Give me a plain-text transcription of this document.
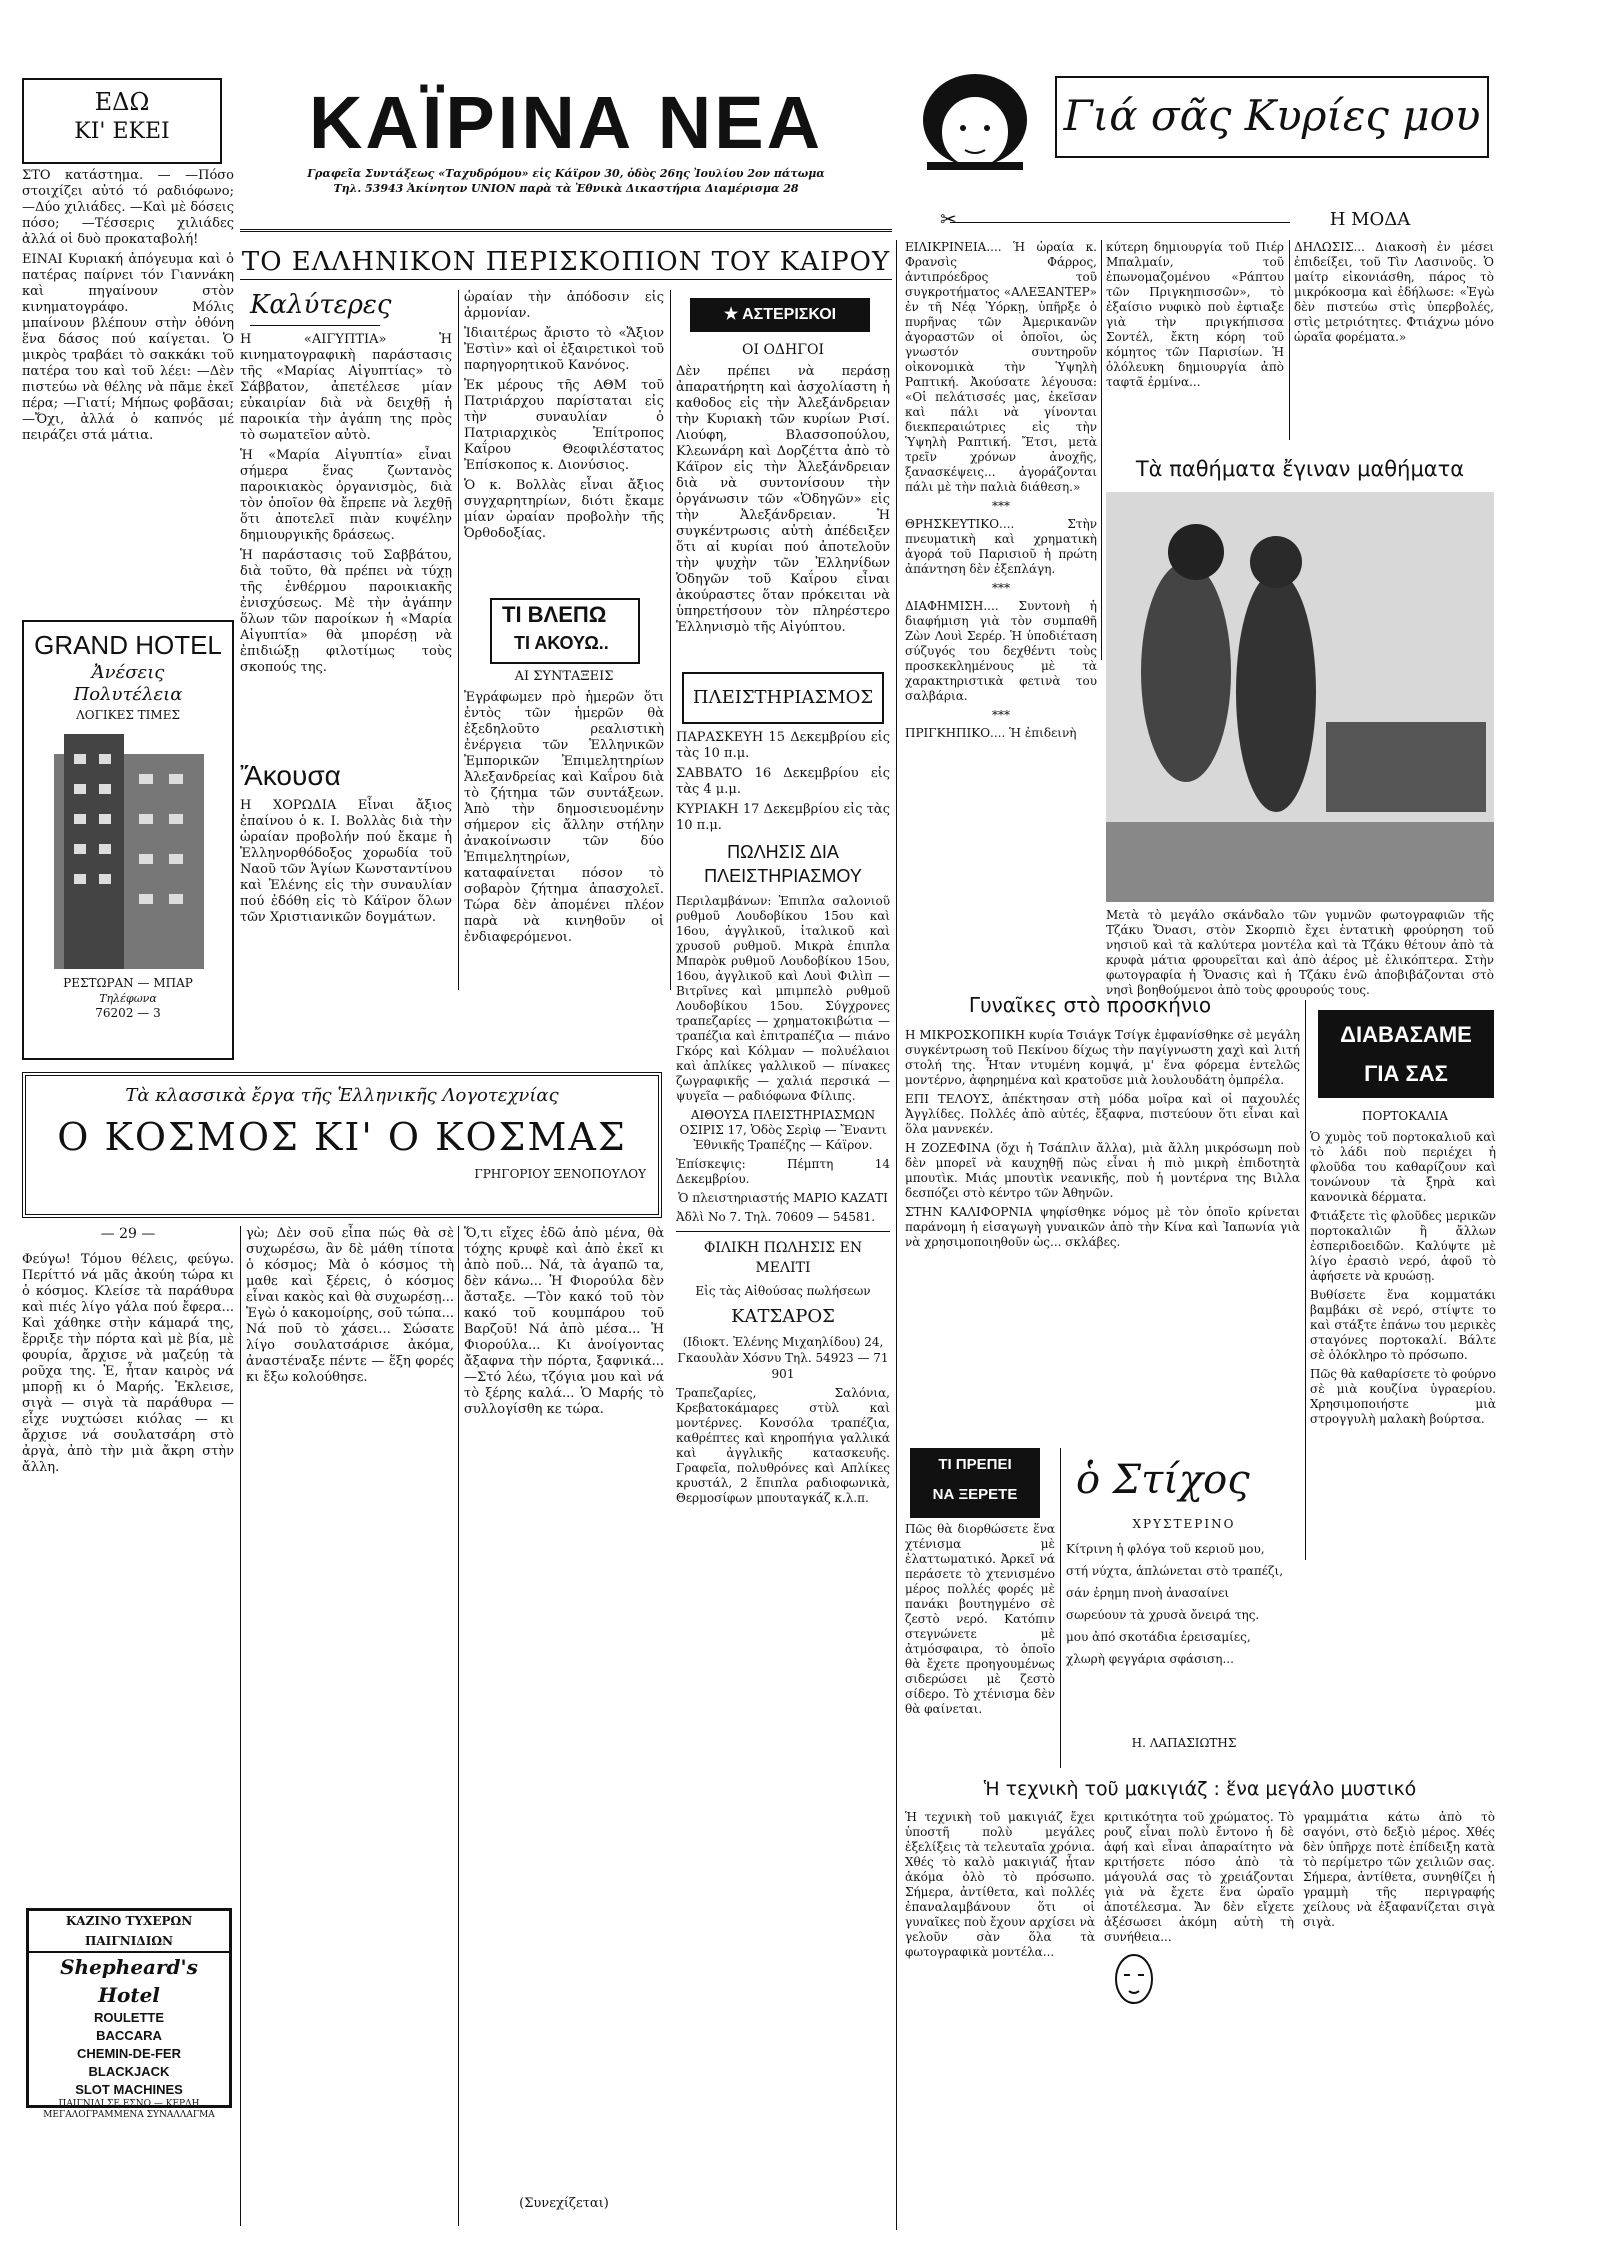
ΕΔΩ
ΚΙ' ΕΚΕΙ

ΣΤΟ κατάστημα. — —Πόσο στοιχίζει αὐτό τό ραδιόφωνο; —Δύο χιλιάδες. —Καὶ μὲ δόσεις πόσο; —Τέσσερις χιλιάδες ἀλλά οἱ δυὸ προκαταβολή!

ΕΙΝΑΙ Κυριακή ἀπόγευμα καὶ ὁ πατέρας παίρνει τόν Γιαννάκη καὶ πηγαίνουν στὸν κινηματογράφο. Μόλις μπαίνουν βλέπουν στὴν ὀθόνη ἕνα δάσος πού καίγεται. Ὁ μικρὸς τραβάει τὸ σακκάκι τοῦ πατέρα του καὶ τοῦ λέει: —Δὲν πιστεύω νὰ θέλης νὰ πᾶμε ἐκεῖ πέρα; —Γιατί; Μήπως φοβᾶσαι; —Ὄχι, ἀλλά ὁ καπνός μέ πειράζει στά μάτια.

ΚΑΪΡΙΝΑ ΝΕΑ
Γραφεῖα Συντάξεως «Ταχυδρόμου» εἰς Κάϊρον 30, ὁδὸς 26ης Ἰουλίου 2ον πάτωμα
Τηλ. 53943 Ἀκίνητον UNION παρὰ τὰ Ἐθνικὰ Δικαστήρια Διαμέρισμα 28
Γιά σᾶς Κυρίες μου
Η ΜΟΔΑ
✂

ΕΙΛΙΚΡΙΝΕΙΑ.... Ἡ ὡραία κ. Φρανσὶς Φάρρος, ἀντιπρόεδρος τοῦ συγκροτήματος «ΑΛΕΞΑΝΤΕΡ» ἐν τῆ Νέᾳ Ὑόρκῃ, ὑπῆρξε ὁ πυρῆνας τῶν Ἀμερικανῶν ἀγοραστῶν οἱ ὁποῖοι, ὡς γνωστόν συντηροῦν οἰκονομικὰ τὴν Ὑψηλὴ Ραπτική. Ἀκούσατε λέγουσα: «Οἱ πελάτισσές μας, ἐκεῖσαν καὶ πάλι νὰ γίνονται διεκπεραιώτριες εἰς τὴν Ὑψηλὴ Ραπτική. Ἔτσι, μετὰ τρεῖν χρόνων ἀνοχῆς, ξανασκέψεις... ἀγοράζονται πάλι μὲ τὴν παλιὰ διάθεση.»

***

ΘΡΗΣΚΕΥΤΙΚΟ.... Στὴν πνευματικὴ καὶ χρηματικὴ ἀγορά τοῦ Παρισιοῦ ἡ πρώτη ἀπάντηση δὲν ἐξεπλάγη.

***

ΔΙΑΦΗΜΙΣΗ.... Συντονὴ ἡ διαφήμιση γιὰ τὸν συμπαθῆ Ζὼν Λουὶ Σερέρ. Ἡ ὑποδιέταση σύζυγός του δεχθέντι τοὺς προσκεκλημένους μὲ τὰ χαρακτηριστικὰ φετινὰ του σαλβάρια.

***

ΠΡΙΓΚΗΠΙΚΟ.... Ἡ ἐπιδεινὴ

κύτερη δημιουργία τοῦ Πιέρ Μπαλμαίν, τοῦ ἐπωνομαζομένου «Ράπτου τῶν Πριγκηπισσῶν», τὸ ἐξαίσιο νυφικὸ ποὺ ἐφτιαξε γιὰ τὴν πριγκήπισσα Σοντέλ, ἔκτη κόρη τοῦ κόμητος τῶν Παρισίων. Ἡ ὁλόλευκη δημιουργία ἀπὸ ταφτᾶ ἐρμίνα...

ΔΗΛΩΣΙΣ... Διακοσὴ ἐν μέσει ἐπιδείξει, τοῦ Τὶν Λασινοῦς. Ὁ μαίτρ εἰκονιάσθη, πάρος τὸ μικρόκοσμα καὶ ἐδήλωσε: «Ἐγὼ δὲν πιστεύω στὶς ὑπερβολές, στὶς μετριότητες. Φτιάχνω μόνο ὡραῖα φορέματα.»

Τὰ παθήματα ἔγιναν μαθήματα

Μετὰ τὸ μεγάλο σκάνδαλο τῶν γυμνῶν φωτογραφιῶν τῆς Τζάκυ Ὄνασι, στὸν Σκορπιὸ ἔχει ἐντατικὴ φρούρηση τοῦ νησιοῦ καὶ τὰ καλύτερα μοντέλα καὶ τὰ Τζάκυ θέτουν ἀπὸ τὰ κρυφὰ μάτια φρουρεῖται καὶ ἀπὸ ἀέρος μὲ ἐλικόπτερα. Στὴν φωτογραφία ἡ Ὄνασις καὶ ἡ Τζάκυ ἐνῶ ἀποβιβάζονται στὸ νησὶ βοηθούμενοι ἀπὸ τοὺς φρουρούς τους.

GRAND HOTEL
Ἀνέσεις
Πολυτέλεια
ΛΟΓΙΚΕΣ ΤΙΜΕΣ
ΡΕΣΤΩΡΑΝ — ΜΠΑΡ
Τηλέφωνα
76202 — 3
ΤΟ ΕΛΛΗΝΙΚΟΝ ΠΕΡΙΣΚΟΠΙΟΝ ΤΟΥ ΚΑΙΡΟΥ
Καλύτερες

Η «ΑΙΓΥΠΤΙΑ» Ἡ κινηματογραφικὴ παράστασις τῆς «Μαρίας Αἰγυπτίας» τὸ Σάββατον, ἀπετέλεσε μίαν εὐκαιρίαν διὰ νὰ δειχθῇ ἡ παροικία τὴν ἀγάπη της πρὸς τὸ σωματεῖον αὐτὸ.

Ἡ «Μαρία Αἰγυπτία» εἶναι σήμερα ἕνας ζωντανὸς παροικιακὸς ὀργανισμὸς, διὰ τὸν ὁποῖον θὰ ἔπρεπε νὰ λεχθῇ ὅτι ἀποτελεῖ πιὰν κυψέλην δημιουργικῆς δράσεως.

Ἡ παράστασις τοῦ Σαββάτου, διὰ τοῦτο, θὰ πρέπει νὰ τύχῃ τῆς ἐνθέρμου παροικιακῆς ἐνισχύσεως. Μὲ τὴν ἀγάπην ὅλων τῶν παροίκων ἡ «Μαρία Αἰγυπτία» θὰ μπορέσῃ νὰ ἐπιδιώξῃ φιλοτίμως τοὺς σκοπούς της.

Ἄκουσα

Η ΧΟΡΩΔΙΑ Εἶναι ἄξιος ἐπαίνου ὁ κ. Ι. Βολλὰς διὰ τὴν ὡραίαν προβολήν πού ἔκαμε ἡ Ἑλληνορθόδοξος χορωδία τοῦ Ναοῦ τῶν Ἁγίων Κωνσταντίνου καὶ Ἑλένης εἰς τὴν συναυλίαν πού ἐδόθη εἰς τὸ Κάϊρον ὅλων τῶν Χριστιανικῶν δογμάτων.

ὡραίαν τὴν ἀπόδοσιν εἰς ἀρμονίαν.

Ἰδιαιτέρως ἄριστο τὸ «Ἄξιον Ἐστὶν» καὶ οἱ ἐξαιρετικοὶ τοῦ παρηγορητικοῦ Κανόνος.

Ἐκ μέρους τῆς ΑΘΜ τοῦ Πατριάρχου παρίσταται εἰς τὴν συναυλίαν ὁ Πατριαρχικὸς Ἐπίτροπος Καΐρου Θεοφιλέστατος Ἐπίσκοπος κ. Διονύσιος.

Ὁ κ. Βολλὰς εἶναι ἄξιος συγχαρητηρίων, διότι ἔκαμε μίαν ὡραίαν προβολὴν τῆς Ὀρθοδοξίας.

ΤΙ ΒΛΕΠΩ
ΤΙ ΑΚΟΥΩ..
ΑΙ ΣΥΝΤΑΞΕΙΣ

Ἐγράφωμεν πρὸ ἡμερῶν ὅτι ἐντὸς τῶν ἡμερῶν θὰ ἐξεδηλοῦτο ρεαλιστικὴ ἐνέργεια τῶν Ἑλληνικῶν Ἐμπορικῶν Ἐπιμελητηρίων Ἀλεξανδρείας καὶ Καΐρου διὰ τὸ ζήτημα τῶν συντάξεων. Ἀπὸ τὴν δημοσιευομένην σήμερον εἰς ἄλλην στήλην ἀνακοίνωσιν τῶν δύο Ἐπιμελητηρίων, καταφαίνεται πόσον τὸ σοβαρὸν ζήτημα ἀπασχολεῖ. Τώρα δὲν ἀπομένει πλέον παρὰ νὰ κινηθοῦν οἱ ἐνδιαφερόμενοι.

★ ΑΣΤΕΡΙΣΚΟΙ
ΟΙ ΟΔΗΓΟΙ

Δὲν πρέπει νὰ περάσῃ ἀπαρατήρητη καὶ ἀσχολίαστη ἡ καθοδος εἰς τὴν Ἀλεξάνδρειαν τὴν Κυριακὴ τῶν κυρίων Ρισί. Λιούφη, Βλασσοπούλου, Κλεωνάρη καὶ Δορζέττα ἀπὸ τὸ Κάϊρον εἰς τὴν Ἀλεξάνδρειαν διὰ νὰ συντονίσουν τὴν ὀργάνωσιν τῶν «Ὁδηγῶν» εἰς τὴν Ἀλεξάνδρειαν. Ἡ συγκέντρωσις αὐτὴ ἀπέδειξεν ὅτι αἱ κυρίαι πού ἀποτελοῦν τὴν ψυχὴν τῶν Ἑλληνίδων Ὁδηγῶν τοῦ Καΐρου εἶναι ἀκούραστες ὅταν πρόκειται νὰ ὑπηρετήσουν τὸν πληρέστερο Ἑλληνισμὸ τῆς Αἰγύπτου.

ΠΛΕΙΣΤΗΡΙΑΣΜΟΣ

ΠΑΡΑΣΚΕΥΗ 15 Δεκεμβρίου εἰς τὰς 10 π.μ.

ΣΑΒΒΑΤΟ 16 Δεκεμβρίου εἰς τὰς 4 μ.μ.

ΚΥΡΙΑΚΗ 17 Δεκεμβρίου εἰς τὰς 10 π.μ.

ΠΩΛΗΣΙΣ ΔΙΑ ΠΛΕΙΣΤΗΡΙΑΣΜΟΥ

Περιλαμβάνων: Ἐπιπλα σαλονιοῦ ρυθμοῦ Λουδοβίκου 15ου καὶ 16ου, ἀγγλικοῦ, ἰταλικοῦ καὶ χρυσοῦ ρυθμοῦ. Μικρὰ ἐπιπλα Μπαρὸκ ρυθμοῦ Λουδοβίκου 15ου, 16ου, ἀγγλικοῦ καὶ Λουὶ Φιλὶπ — Βιτρῖνες καὶ μπιμπελὸ ρυθμοῦ Λουδοβίκου 15ου. Σύγχρονες τραπεζαρίες — χρηματοκιβώτια — τραπέζια καὶ ἐπιτραπέζια — πιάνο Γκόρς καὶ Κόλμαν — πολυέλαιοι καὶ ἀπλίκες γαλλικοῦ — πίνακες ζωγραφικῆς — χαλιά περσικά — ψυγεῖα — ραδιόφωνα Φίλιπς.

ΑΙΘΟΥΣΑ ΠΛΕΙΣΤΗΡΙΑΣΜΩΝ ΟΣΙΡΙΣ 17, Ὁδὸς Σερὶφ — Ἔναντι Ἐθνικῆς Τραπέζης — Κάϊρον.

Ἐπίσκεψις: Πέμπτη 14 Δεκεμβρίου.

Ὁ πλειστηριαστής ΜΑΡΙΟ ΚΑΖΑΤΙ

Ἀδλὶ No 7. Τηλ. 70609 — 54581.

ΦΙΛΙΚΗ ΠΩΛΗΣΙΣ ΕΝ ΜΕΛΙΤΙ
Εἰς τὰς Αἰθούσας πωλήσεων
ΚΑΤΣΑΡΟΣ
(Ιδιοκτ. Ἐλένης Μιχαηλίδου) 24, Γκαουλὰν Χόσνυ Τηλ. 54923 — 71 901

Τραπεζαρίες, Σαλόνια, Κρεβατοκάμαρες στὺλ καὶ μοντέρνες. Κονσόλα τραπέζια, καθρέπτες καὶ κηροπήγια γαλλικά καὶ ἀγγλικῆς κατασκευῆς. Γραφεῖα, πολυθρόνες καὶ Απλίκες κρυστάλ, 2 ἔπιπλα ραδιοφωνικὰ, Θερμοσίφων μπουταγκάζ κ.λ.π.

Τὰ κλασσικὰ ἔργα τῆς Ἑλληνικῆς Λογοτεχνίας
Ο ΚΟΣΜΟΣ ΚΙ' Ο ΚΟΣΜΑΣ
ΓΡΗΓΟΡΙΟΥ ΞΕΝΟΠΟΥΛΟΥ
— 29 —

Φεύγω! Τόμου θέλεις, φεύγω. Περίττό νά μᾶς ἀκούη τώρα κι ὁ κόσμος. Κλείσε τὰ παράθυρα καὶ πιές λίγο γάλα πού ἔφερα... Καὶ χάθηκε στὴν κάμαρά της, ἔρριξε τὴν πόρτα καὶ μὲ βία, μὲ φουρία, ἄρχισε νὰ μαζεύῃ τὰ ροῦχα της. Ἐ, ἦταν καιρὸς νά μπορῇ κι ὁ Μαρής. Ἐκλεισε, σιγὰ — σιγὰ τὰ παράθυρα — εἶχε νυχτώσει κιόλας — κι ἄρχισε νά σουλατσάρη στὸ ἀργὰ, ἀπὸ τὴν μιὰ ἄκρη στὴν ἄλλη.

γὼ; Δὲν σοῦ εἶπα πώς θὰ σὲ συχωρέσω, ἂν δὲ μάθη τίποτα ὁ κόσμος; Μὰ ὁ κόσμος τὴ μαθε καὶ ξέρεις, ὁ κόσμος εἶναι κακὸς καὶ θὰ συχωρέσῃ... Ἐγὼ ὁ κακομοίρης, σοῦ τώπα... Νά ποῦ τὸ χάσει... Σώσατε λίγο σουλατσάρισε ἀκόμα, ἀναστέναξε πέντε — ἕξη φορές κι ἔξω κολούθησε.

Ὅ,τι εἴχες ἐδῶ ἀπὸ μένα, θὰ τόχης κρυφὲ καὶ ἀπὸ ἐκεῖ κι ἀπὸ ποῦ... Νά, τὰ ἀγαπῶ τα, δὲν κάνω... Ἡ Φιορούλα δὲν ἄσταξε. —Τὸν κακό τοῦ τὸν κακό τοῦ κουμπάρου τοῦ Βαρζοῦ! Νά ἀπὸ μέσα... Ἡ Φιορούλα... Κι ἀνοίγοντας ἄξαφνα τὴν πόρτα, ξαφνικά... —Στό λέω, τζόγια μου καὶ νά τὸ ξέρης καλά... Ὁ Μαρής τὸ συλλογίσθη κε τώρα.

(Συνεχίζεται)
ΚΑΖΙΝΟ ΤΥΧΕΡΩΝ ΠΑΙΓΝΙΔΙΩΝ
Shepheard's Hotel
ROULETTE
BACCARA
CHEMIN-DE-FER
BLACKJACK
SLOT MACHINES
ΠΑΙΓΝΙΔΙ ΣΕ ΕΣΝΟ — ΚΕΡΔΗ ΜΕΓΑΛΟΓΡΑΜΜΕΝΑ ΣΥΝΑΛΛΑΓΜΑ
Γυναῖκες στὸ προσκήνιο

Η ΜΙΚΡΟΣΚΟΠΙΚΗ κυρία Τσιάγκ Τσίγκ ἐμφανίσθηκε σὲ μεγάλη συγκέντρωση τοῦ Πεκίνου δίχως τὴν παγίγνωστη χαχὶ καὶ λιτή στολή της. Ἦταν ντυμένη κομψά, μ' ἕνα φόρεμα ἐντελῶς μοντέρνο, ἀφηρημένα καὶ κρατοῦσε μιὰ λουλουδάτη ὀμπρέλα.

ΕΠΙ ΤΕΛΟΥΣ, ἀπέκτησαν στὴ μόδα μοῖρα καὶ οἱ παχουλές Ἀγγλίδες. Πολλές ἀπὸ αὐτές, ἔξαφνα, πιστεύουν ὅτι εἶναι καὶ ὅλα μαννεκέν.

Η ΖΟΖΕΦΙΝΑ (ὄχι ἡ Τσάπλιν ἄλλα), μιὰ ἄλλη μικρόσωμη ποὺ δὲν μπορεῖ νὰ καυχηθῇ πὼς εἶναι ἡ πιὸ μικρὴ ἐπιδοτητὰ μπουτὶκ. Μιάς μπουτὶκ νεανικῆς, ποὺ ἡ μοντέρνα της Βιλλα δεσπόζει στὸ κέντρο τῶν Ἀθηνῶν.

ΣΤΗΝ ΚΑΛΙΦΟΡΝΙΑ ψηφίσθηκε νόμος μὲ τὸν ὁποῖο κρίνεται παράνομη ἡ εἰσαγωγὴ γυναικῶν ἀπὸ τὴν Κίνα καὶ Ἰαπωνία γιὰ νὰ χρησιμοποιηθοῦν ὡς... σκλάβες.

ΔΙΑΒΑΣΑΜΕ
ΓΙΑ ΣΑΣ
ΠΟΡΤΟΚΑΛΙΑ

Ὁ χυμὸς τοῦ πορτοκαλιοῦ καὶ τὸ λάδι ποὺ περιέχει ἡ φλοῦδα του καθαρίζουν καὶ τονώνουν τὰ ξηρὰ καὶ κανονικὰ δέρματα.

Φτιάξετε τὶς φλοῦδες μερικῶν πορτοκαλιῶν ἢ ἄλλων ἐσπεριδοειδῶν. Καλύψτε μὲ λίγο ἐρασιὸ νερό, ἀφοῦ τὸ ἀφήσετε νὰ κρυώσῃ.

Βυθίσετε ἕνα κομματάκι βαμβάκι σὲ νερό, στίψτε το καὶ στάξτε ἐπάνω του μερικὲς σταγόνες πορτοκαλί. Βάλτε σὲ ὁλόκληρο τὸ πρόσωπο.

Πῶς θὰ καθαρίσετε τὸ φούρνο σὲ μιὰ κουζίνα ὑγραερίου. Χρησιμοποιήστε μιὰ στρογγυλὴ μαλακὴ βούρτσα.

ΤΙ ΠΡΕΠΕΙ
ΝΑ ΞΕΡΕΤΕ

Πῶς θὰ διορθώσετε ἕνα χτένισμα μὲ ἐλαττωματικό. Ἀρκεῖ νά περάσετε τὸ χτενισμένο μέρος πολλές φορές μὲ πανάκι βουτηγμένο σὲ ζεστὸ νερό. Κατόπιν στεγνώνετε μὲ ἀτμόσφαιρα, τὸ ὁποῖο θὰ ἔχετε προηγουμένως σιδερώσει μὲ ζεστὸ σίδερο. Τὸ χτένισμα δὲν θὰ φαίνεται.

ὁ Στίχος
ΧΡΥΣΤΕΡΙΝΟ

Κίτρινη ἡ φλόγα τοῦ κεριοῦ μου,

στή νύχτα, ἁπλώνεται στὸ τραπέζι,

σάν ἐρημη πνοὴ ἀνασαίνει

σωρεύουν τὰ χρυσὰ ὄνειρά της.

μου ἀπό σκοτάδια ἑρεισαμίες,

χλωρὴ φεγγάρια σφάσιση...

Η. ΛΑΠΑΣΙΩΤΗΣ
Ἡ τεχνικὴ τοῦ μακιγιάζ : ἕνα μεγάλο μυστικό

Ἡ τεχνικὴ τοῦ μακιγιάζ ἔχει ὑποστῆ πολὺ μεγάλες ἐξελίξεις τὰ τελευταῖα χρόνια. Χθές τὸ καλὸ μακιγιάζ ἦταν ἀκόμα ὀλὸ τὸ πρόσωπο. Σήμερα, ἀντίθετα, καὶ πολλές ἐπαναλαμβάνουν ὅτι οἱ γυναῖκες ποὺ ἔχουν αρχίσει νὰ γελοῦν σὰν ὅλα τὰ φωτογραφικὰ μοντέλα...

κριτικότητα τοῦ χρώματος. Τὸ ρουζ εἶναι πολὺ ἔντονο ἡ δὲ ἀφή καὶ εἶναι ἀπαραίτητο νὰ κριτήσετε πόσο ἀπὸ τὰ μάγουλά σας τὸ χρειάζονται γιὰ νὰ ἔχετε ἕνα ὡραῖο ἀποτέλεσμα. Ἄν δὲν εἴχετε ἀξέσωσει ἀκόμη αὐτὴ τὴ συνήθεια...

γραμμάτια κάτω ἀπὸ τὸ σαγόνι, στὸ δεξιὸ μέρος. Χθές δὲν ὑπῆρχε ποτὲ ἐπίδειξη κατὰ τὸ περίμετρο τῶν χειλιῶν σας. Σήμερα, ἀντίθετα, συνηθίζει ἡ γραμμὴ τῆς περιγραφής χείλους νὰ ἐξαφανίζεται σιγὰ σιγὰ.
